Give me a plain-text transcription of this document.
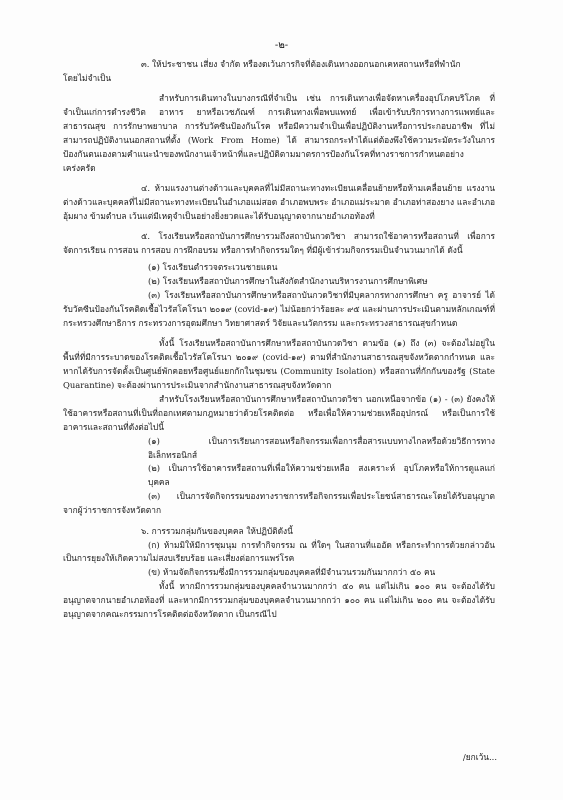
-๒-

๓. ให้ประชาชน เสี่ยง จำกัด หรืองดเว้นการกิจที่ต้องเดินทางออกนอกเคหสถานหรือที่พำนัก

โดยไม่จำเป็น

สำหรับการเดินทางในบางกรณีที่จำเป็น เช่น การเดินทางเพื่อจัดหาเครื่องอุปโภคบริโภค ที่จำเป็นแก่การดำรงชีวิต อาหาร ยาหรือเวชภัณฑ์ การเดินทางเพื่อพบแพทย์ เพื่อเข้ารับบริการทางการแพทย์และสาธารณสุข การรักษาพยาบาล การรับวัคซีนป้องกันโรค หรือมีความจำเป็นเพื่อปฏิบัติงานหรือการประกอบอาชีพ ที่ไม่สามารถปฏิบัติงานนอกสถานที่ตั้ง (Work From Home) ได้ สามารถกระทำได้แต่ต้องพึงใช้ความระมัดระวังในการป้องกันตนเองตามคำแนะนำของพนักงานเจ้าหน้าที่และปฏิบัติตามมาตรการป้องกันโรคที่ทางราชการกำหนดอย่างเคร่งครัด

๔. ห้ามแรงงานต่างด้าวและบุคคลที่ไม่มีสถานะทางทะเบียนเคลื่อนย้ายหรือห้ามเคลื่อนย้าย แรงงานต่างด้าวและบุคคลที่ไม่มีสถานะทางทะเบียนในอำเภอแม่สอด อำเภอพบพระ อำเภอแม่ระมาด อำเภอท่าสองยาง และอำเภออุ้มผาง ข้ามตำบล เว้นแต่มีเหตุจำเป็นอย่างยิ่งยวดและได้รับอนุญาตจากนายอำเภอท้องที่

๕. โรงเรียนหรือสถาบันการศึกษารวมถึงสถาบันกวดวิชา สามารถใช้อาคารหรือสถานที่ เพื่อการจัดการเรียน การสอน การสอบ การฝึกอบรม หรือการทำกิจกรรมใดๆ ที่มีผู้เข้าร่วมกิจกรรมเป็นจำนวนมากได้ ดังนี้

(๑) โรงเรียนตำรวจตระเวนชายแดน

(๒) โรงเรียนหรือสถาบันการศึกษาในสังกัดสำนักงานบริหารงานการศึกษาพิเศษ

(๓) โรงเรียนหรือสถาบันการศึกษาหรือสถาบันกวดวิชาที่มีบุคลากรทางการศึกษา ครู อาจารย์ ได้รับวัคซีนป้องกันโรคติดเชื้อไวรัสโคโรนา ๒๐๑๙ (covid-๑๙) ไม่น้อยกว่าร้อยละ ๙๕ และผ่านการประเมินตามหลักเกณฑ์ที่กระทรวงศึกษาธิการ กระทรวงการอุดมศึกษา วิทยาศาสตร์ วิจัยและนวัตกรรม และกระทรวงสาธารณสุขกำหนด

ทั้งนี้ โรงเรียนหรือสถาบันการศึกษาหรือสถาบันกวดวิชา ตามข้อ (๑) ถึง (๓) จะต้องไม่อยู่ในพื้นที่ที่มีการระบาดของโรคติดเชื้อไวรัสโคโรนา ๒๐๑๙ (covid-๑๙) ตามที่สำนักงานสาธารณสุขจังหวัดตากกำหนด และหากได้รับการจัดตั้งเป็นศูนย์พักคอยหรือศูนย์แยกกักในชุมชน (Community Isolation) หรือสถานที่กักกันของรัฐ (State Quarantine) จะต้องผ่านการประเมินจากสำนักงานสาธารณสุขจังหวัดตาก

สำหรับโรงเรียนหรือสถาบันการศึกษาหรือสถาบันกวดวิชา นอกเหนือจากข้อ (๑) - (๓) ยังคงให้ใช้อาคารหรือสถานที่เป็นที่ถอกเทศตามกฎหมายว่าด้วยโรคติดต่อ หรือเพื่อให้ความช่วยเหลืออุปกรณ์ หรือเป็นการใช้อาคารและสถานที่ดังต่อไปนี้

(๑) เป็นการเรียนการสอนหรือกิจกรรมเพื่อการสื่อสารแบบทางไกลหรือด้วยวิธีการทางอิเล็กทรอนิกส์

(๒) เป็นการใช้อาคารหรือสถานที่เพื่อให้ความช่วยเหลือ สงเคราะห์ อุปโภคหรือให้การดูแลแก่บุคคล

(๓) เป็นการจัดกิจกรรมของทางราชการหรือกิจกรรมเพื่อประโยชน์สาธารณะโดยได้รับอนุญาต จากผู้ว่าราชการจังหวัดตาก

๖. การรวมกลุ่มกันของบุคคล ให้ปฏิบัติดังนี้

(ก) ห้ามมิให้มีการชุมนุม การทำกิจกรรม ณ ที่ใดๆ ในสถานที่แออัด หรือกระทำการด้วยกล่าวอันเป็นการยุยงให้เกิดความไม่สงบเรียบร้อย และเสี่ยงต่อการแพร่โรค

(ข) ห้ามจัดกิจกรรมซึ่งมีการรวมกลุ่มของบุคคลที่มีจำนวนรวมกันมากกว่า ๕๐ คน

ทั้งนี้ หากมีการรวมกลุ่มของบุคคลจำนวนมากกว่า ๕๐ คน แต่ไม่เกิน ๑๐๐ คน จะต้องได้รับอนุญาตจากนายอำเภอท้องที่ และหากมีการรวมกลุ่มของบุคคลจำนวนมากกว่า ๑๐๐ คน แต่ไม่เกิน ๒๐๐ คน จะต้องได้รับอนุญาตจากคณะกรรมการโรคติดต่อจังหวัดตาก เป็นกรณีไป

/ยกเว้น...
